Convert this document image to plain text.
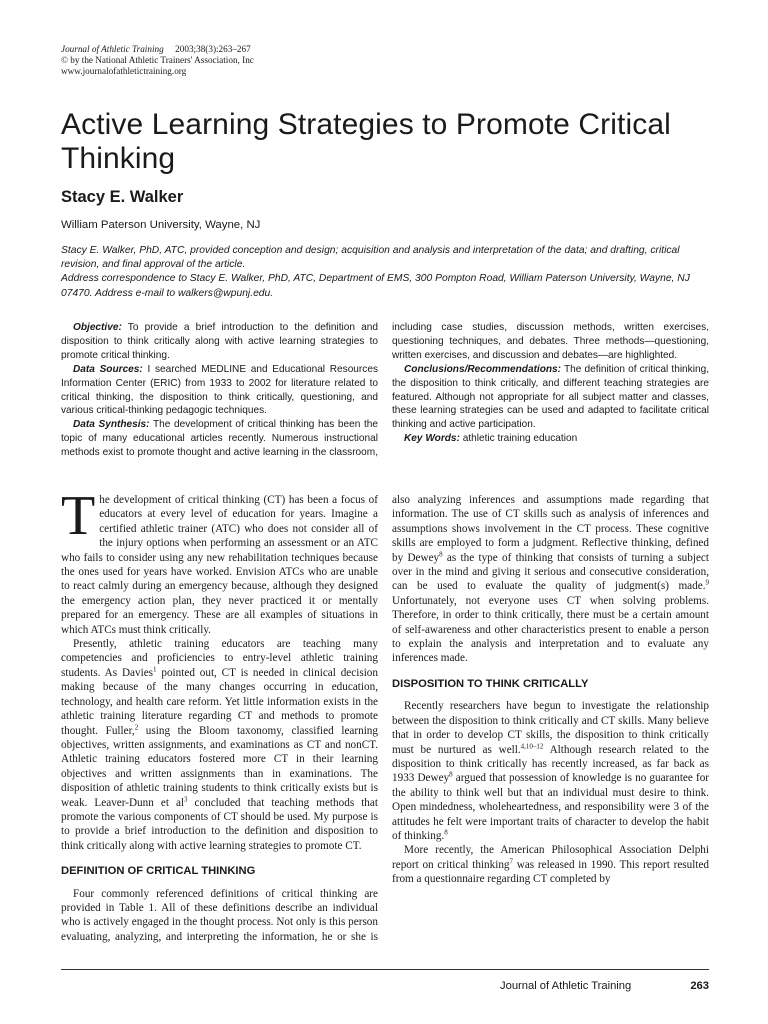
Journal of Athletic Training 2003;38(3):263–267
© by the National Athletic Trainers' Association, Inc
www.journalofathletictraining.org
Active Learning Strategies to Promote Critical Thinking
Stacy E. Walker
William Paterson University, Wayne, NJ

Stacy E. Walker, PhD, ATC, provided conception and design; acquisition and analysis and interpretation of the data; and drafting, critical revision, and final approval of the article.

Address correspondence to Stacy E. Walker, PhD, ATC, Department of EMS, 300 Pompton Road, William Paterson University, Wayne, NJ 07470. Address e-mail to walkers@wpunj.edu.

Objective: To provide a brief introduction to the definition and disposition to think critically along with active learning strategies to promote critical thinking.

Data Sources: I searched MEDLINE and Educational Resources Information Center (ERIC) from 1933 to 2002 for literature related to critical thinking, the disposition to think critically, questioning, and various critical-thinking pedagogic techniques.

Data Synthesis: The development of critical thinking has been the topic of many educational articles recently. Numerous instructional methods exist to promote thought and active learning in the classroom, including case studies, discussion methods, written exercises, questioning techniques, and debates. Three methods—questioning, written exercises, and discussion and debates—are highlighted.

Conclusions/Recommendations: The definition of critical thinking, the disposition to think critically, and different teaching strategies are featured. Although not appropriate for all subject matter and classes, these learning strategies can be used and adapted to facilitate critical thinking and active participation.

Key Words: athletic training education

The development of critical thinking (CT) has been a focus of educators at every level of education for years. Imagine a certified athletic trainer (ATC) who does not consider all of the injury options when performing an assessment or an ATC who fails to consider using any new rehabilitation techniques because the ones used for years have worked. Envision ATCs who are unable to react calmly during an emergency because, although they designed the emergency action plan, they never practiced it or mentally prepared for an emergency. These are all examples of situations in which ATCs must think critically.

Presently, athletic training educators are teaching many competencies and proficiencies to entry-level athletic training students. As Davies$^1$ pointed out, CT is needed in clinical decision making because of the many changes occurring in education, technology, and health care reform. Yet little information exists in the athletic training literature regarding CT and methods to promote thought. Fuller,$^2$ using the Bloom taxonomy, classified learning objectives, written assignments, and examinations as CT and nonCT. Athletic training educators fostered more CT in their learning objectives and written assignments than in examinations. The disposition of athletic training students to think critically exists but is weak. Leaver-Dunn et $al^3$ concluded that teaching methods that promote the various components of CT should be used. My purpose is to provide a brief introduction to the definition and disposition to think critically along with active learning strategies to promote CT.

DEFINITION OF CRITICAL THINKING

Four commonly referenced definitions of critical thinking are provided in Table 1. All of these definitions describe an individual who is actively engaged in the thought process. Not only is this person evaluating, analyzing, and interpreting the information, he or she is also analyzing inferences and assumptions made regarding that information. The use of CT skills such as analysis of inferences and assumptions shows involvement in the CT process. These cognitive skills are employed to form a judgment. Reflective thinking, defined by Dewey$^8$ as the type of thinking that consists of turning a subject over in the mind and giving it serious and consecutive consideration, can be used to evaluate the quality of judgment(s) made.$^9$ Unfortunately, not everyone uses CT when solving problems. Therefore, in order to think critically, there must be a certain amount of self-awareness and other characteristics present to enable a person to explain the analysis and interpretation and to evaluate any inferences made.

DISPOSITION TO THINK CRITICALLY

Recently researchers have begun to investigate the relationship between the disposition to think critically and CT skills. Many believe that in order to develop CT skills, the disposition to think critically must be nurtured as well.$^{4,10-12}$ Although research related to the disposition to think critically has recently increased, as far back as 1933 Dewey$^8$ argued that possession of knowledge is no guarantee for the ability to think well but that an individual must desire to think. Open mindedness, wholeheartedness, and responsibility were 3 of the attitudes he felt were important traits of character to develop the habit of thinking.$^8$

More recently, the American Philosophical Association Delphi report on critical thinking$^7$ was released in 1990. This report resulted from a questionnaire regarding CT completed by

Journal of Athletic Training	263
